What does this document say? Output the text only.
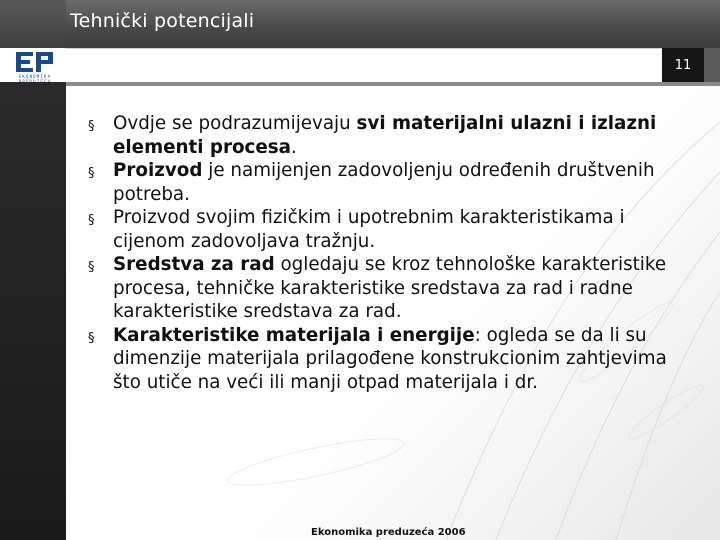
Tehnički potencijali
11
EKONOMIKA
§ Ovdje se podrazumijevaju svi materijalni ulazni i izlazni elementi procesa.
§ Proizvod je namijenjen zadovoljenju određenih društvenih potreba.
§ Proizvod svojim fizičkim i upotrebnim karakteristikama i cijenom zadovoljava tražnju.
§ Sredstva za rad ogledaju se kroz tehnološke karakteristike procesa, tehničke karakteristike sredstava za rad i radne karakteristike sredstava za rad.
§ Karakteristike materijala i energije: ogleda se da li su dimenzije materijala prilagođene konstrukcionim zahtjevima što utiče na veći ili manji otpad materijala i dr.
Ekonomika preduzeća 2006
